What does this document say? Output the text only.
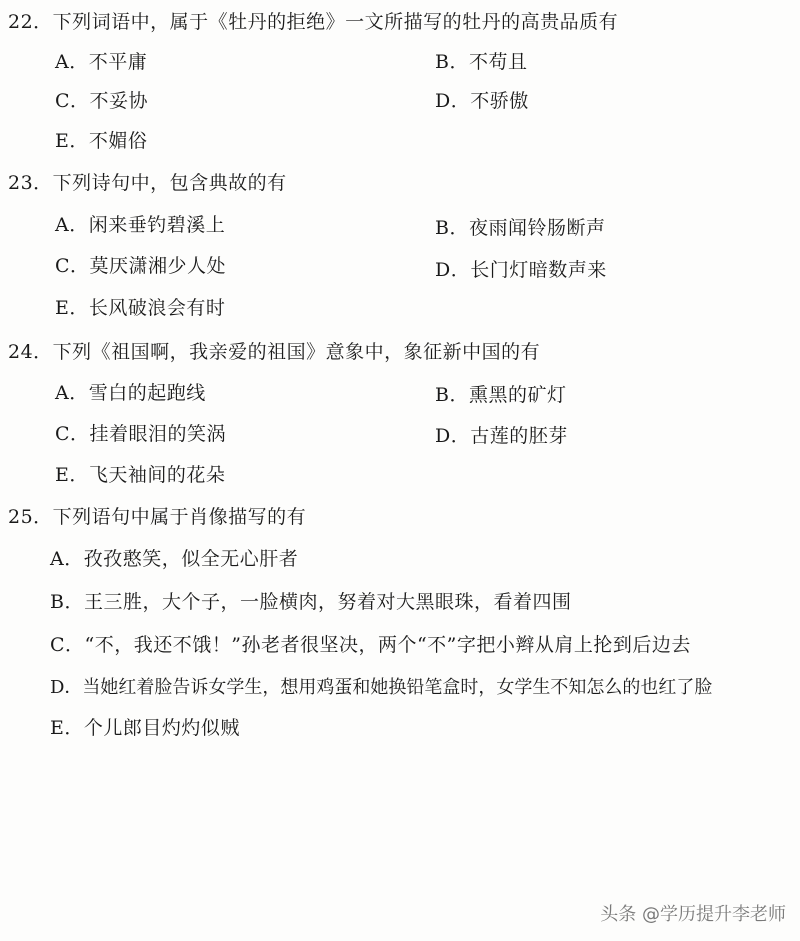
22．下列词语中，属于《牡丹的拒绝》一文所描写的牡丹的高贵品质有
A．不平庸	B．不苟且
C．不妥协	D．不骄傲
E．不媚俗
23．下列诗句中，包含典故的有
A．闲来垂钓碧溪上	B．夜雨闻铃肠断声
C．莫厌潇湘少人处	D．长门灯暗数声来
E．长风破浪会有时
24．下列《祖国啊，我亲爱的祖国》意象中，象征新中国的有
A．雪白的起跑线	B．熏黑的矿灯
C．挂着眼泪的笑涡	D．古莲的胚芽
E．飞天袖间的花朵
25．下列语句中属于肖像描写的有
A．孜孜憨笑，似全无心肝者
B．王三胜，大个子，一脸横肉，努着对大黑眼珠，看着四围
C．“不，我还不饿！”孙老者很坚决，两个“不”字把小辫从肩上抡到后边去
D．当她红着脸告诉女学生，想用鸡蛋和她换铅笔盒时，女学生不知怎么的也红了脸
E．个儿郎目灼灼似贼
头条 @学历提升李老师
